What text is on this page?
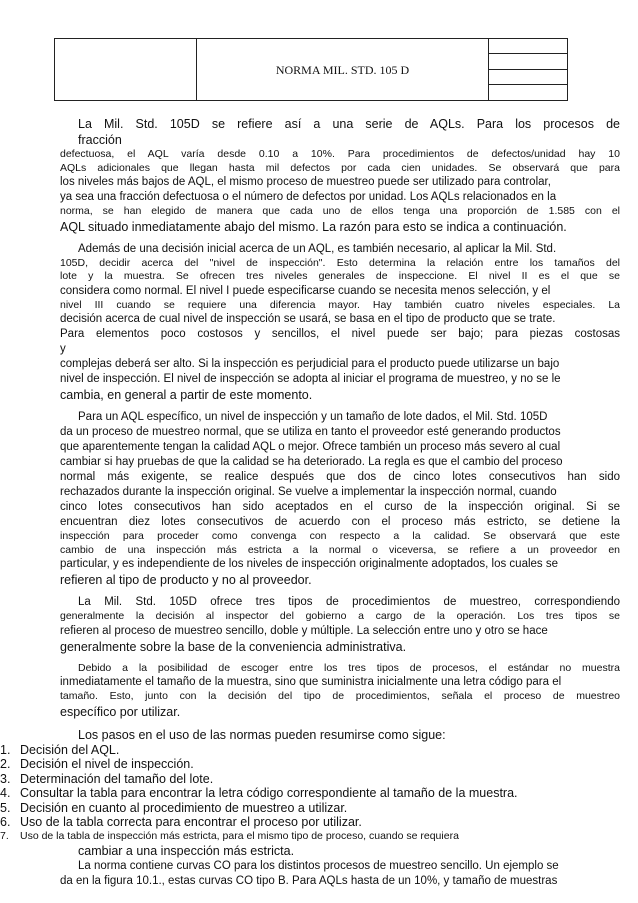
NORMA MIL. STD. 105 D
La Mil. Std. 105D se refiere así a una serie de AQLs. Para los procesos de
fracción
defectuosa, el AQL varía desde 0.10 a 10%. Para procedimientos de defectos/unidad hay 10
AQLs adicionales que llegan hasta mil defectos por cada cien unidades. Se observará que para
los niveles más bajos de AQL, el mismo proceso de muestreo puede ser utilizado para controlar,
ya sea una fracción defectuosa o el número de defectos por unidad. Los AQLs relacionados en la
norma, se han elegido de manera que cada uno de ellos tenga una proporción de 1.585 con el
AQL situado inmediatamente abajo del mismo. La razón para esto se indica a continuación.
Además de una decisión inicial acerca de un AQL, es también necesario, al aplicar la Mil. Std.
105D, decidir acerca del "nivel de inspección". Esto determina la relación entre los tamaños del
lote y la muestra. Se ofrecen tres niveles generales de inspeccione. El nivel II es el que se
considera como normal. El nivel I puede especificarse cuando se necesita menos selección, y el
nivel III cuando se requiere una diferencia mayor. Hay también cuatro niveles especiales. La
decisión acerca de cual nivel de inspección se usará, se basa en el tipo de producto que se trate.
Para elementos poco costosos y sencillos, el nivel puede ser bajo; para piezas costosas
y
complejas deberá ser alto. Si la inspección es perjudicial para el producto puede utilizarse un bajo
nivel de inspección. El nivel de inspección se adopta al iniciar el programa de muestreo, y no se le
cambia, en general a partir de este momento.
Para un AQL específico, un nivel de inspección y un tamaño de lote dados, el Mil. Std. 105D
da un proceso de muestreo normal, que se utiliza en tanto el proveedor esté generando productos
que aparentemente tengan la calidad AQL o mejor. Ofrece también un proceso más severo al cual
cambiar si hay pruebas de que la calidad se ha deteriorado. La regla es que el cambio del proceso
normal más exigente, se realice después que dos de cinco lotes consecutivos han sido
rechazados durante la inspección original. Se vuelve a implementar la inspección normal, cuando
cinco lotes consecutivos han sido aceptados en el curso de la inspección original. Si se
encuentran diez lotes consecutivos de acuerdo con el proceso más estricto, se detiene la
inspección para proceder como convenga con respecto a la calidad. Se observará que este
cambio de una inspección más estricta a la normal o viceversa, se refiere a un proveedor en
particular, y es independiente de los niveles de inspección originalmente adoptados, los cuales se
refieren al tipo de producto y no al proveedor.
La Mil. Std. 105D ofrece tres tipos de procedimientos de muestreo, correspondiendo
generalmente la decisión al inspector del gobierno a cargo de la operación. Los tres tipos se
refieren al proceso de muestreo sencillo, doble y múltiple. La selección entre uno y otro se hace
generalmente sobre la base de la conveniencia administrativa.
Debido a la posibilidad de escoger entre los tres tipos de procesos, el estándar no muestra
inmediatamente el tamaño de la muestra, sino que suministra inicialmente una letra código para el
tamaño. Esto, junto con la decisión del tipo de procedimientos, señala el proceso de muestreo
específico por utilizar.
Los pasos en el uso de las normas pueden resumirse como sigue:
1. Decisión del AQL.
2. Decisión el nivel de inspección.
3. Determinación del tamaño del lote.
4. Consultar la tabla para encontrar la letra código correspondiente al tamaño de la muestra.
5. Decisión en cuanto al procedimiento de muestreo a utilizar.
6. Uso de la tabla correcta para encontrar el proceso por utilizar.
7.	Uso de la tabla de inspección más estricta, para el mismo tipo de proceso, cuando se requiera
cambiar a una inspección más estricta.
La norma contiene curvas CO para los distintos procesos de muestreo sencillo. Un ejemplo se
da en la figura 10.1., estas curvas CO tipo B. Para AQLs hasta de un 10%, y tamaño de muestras
